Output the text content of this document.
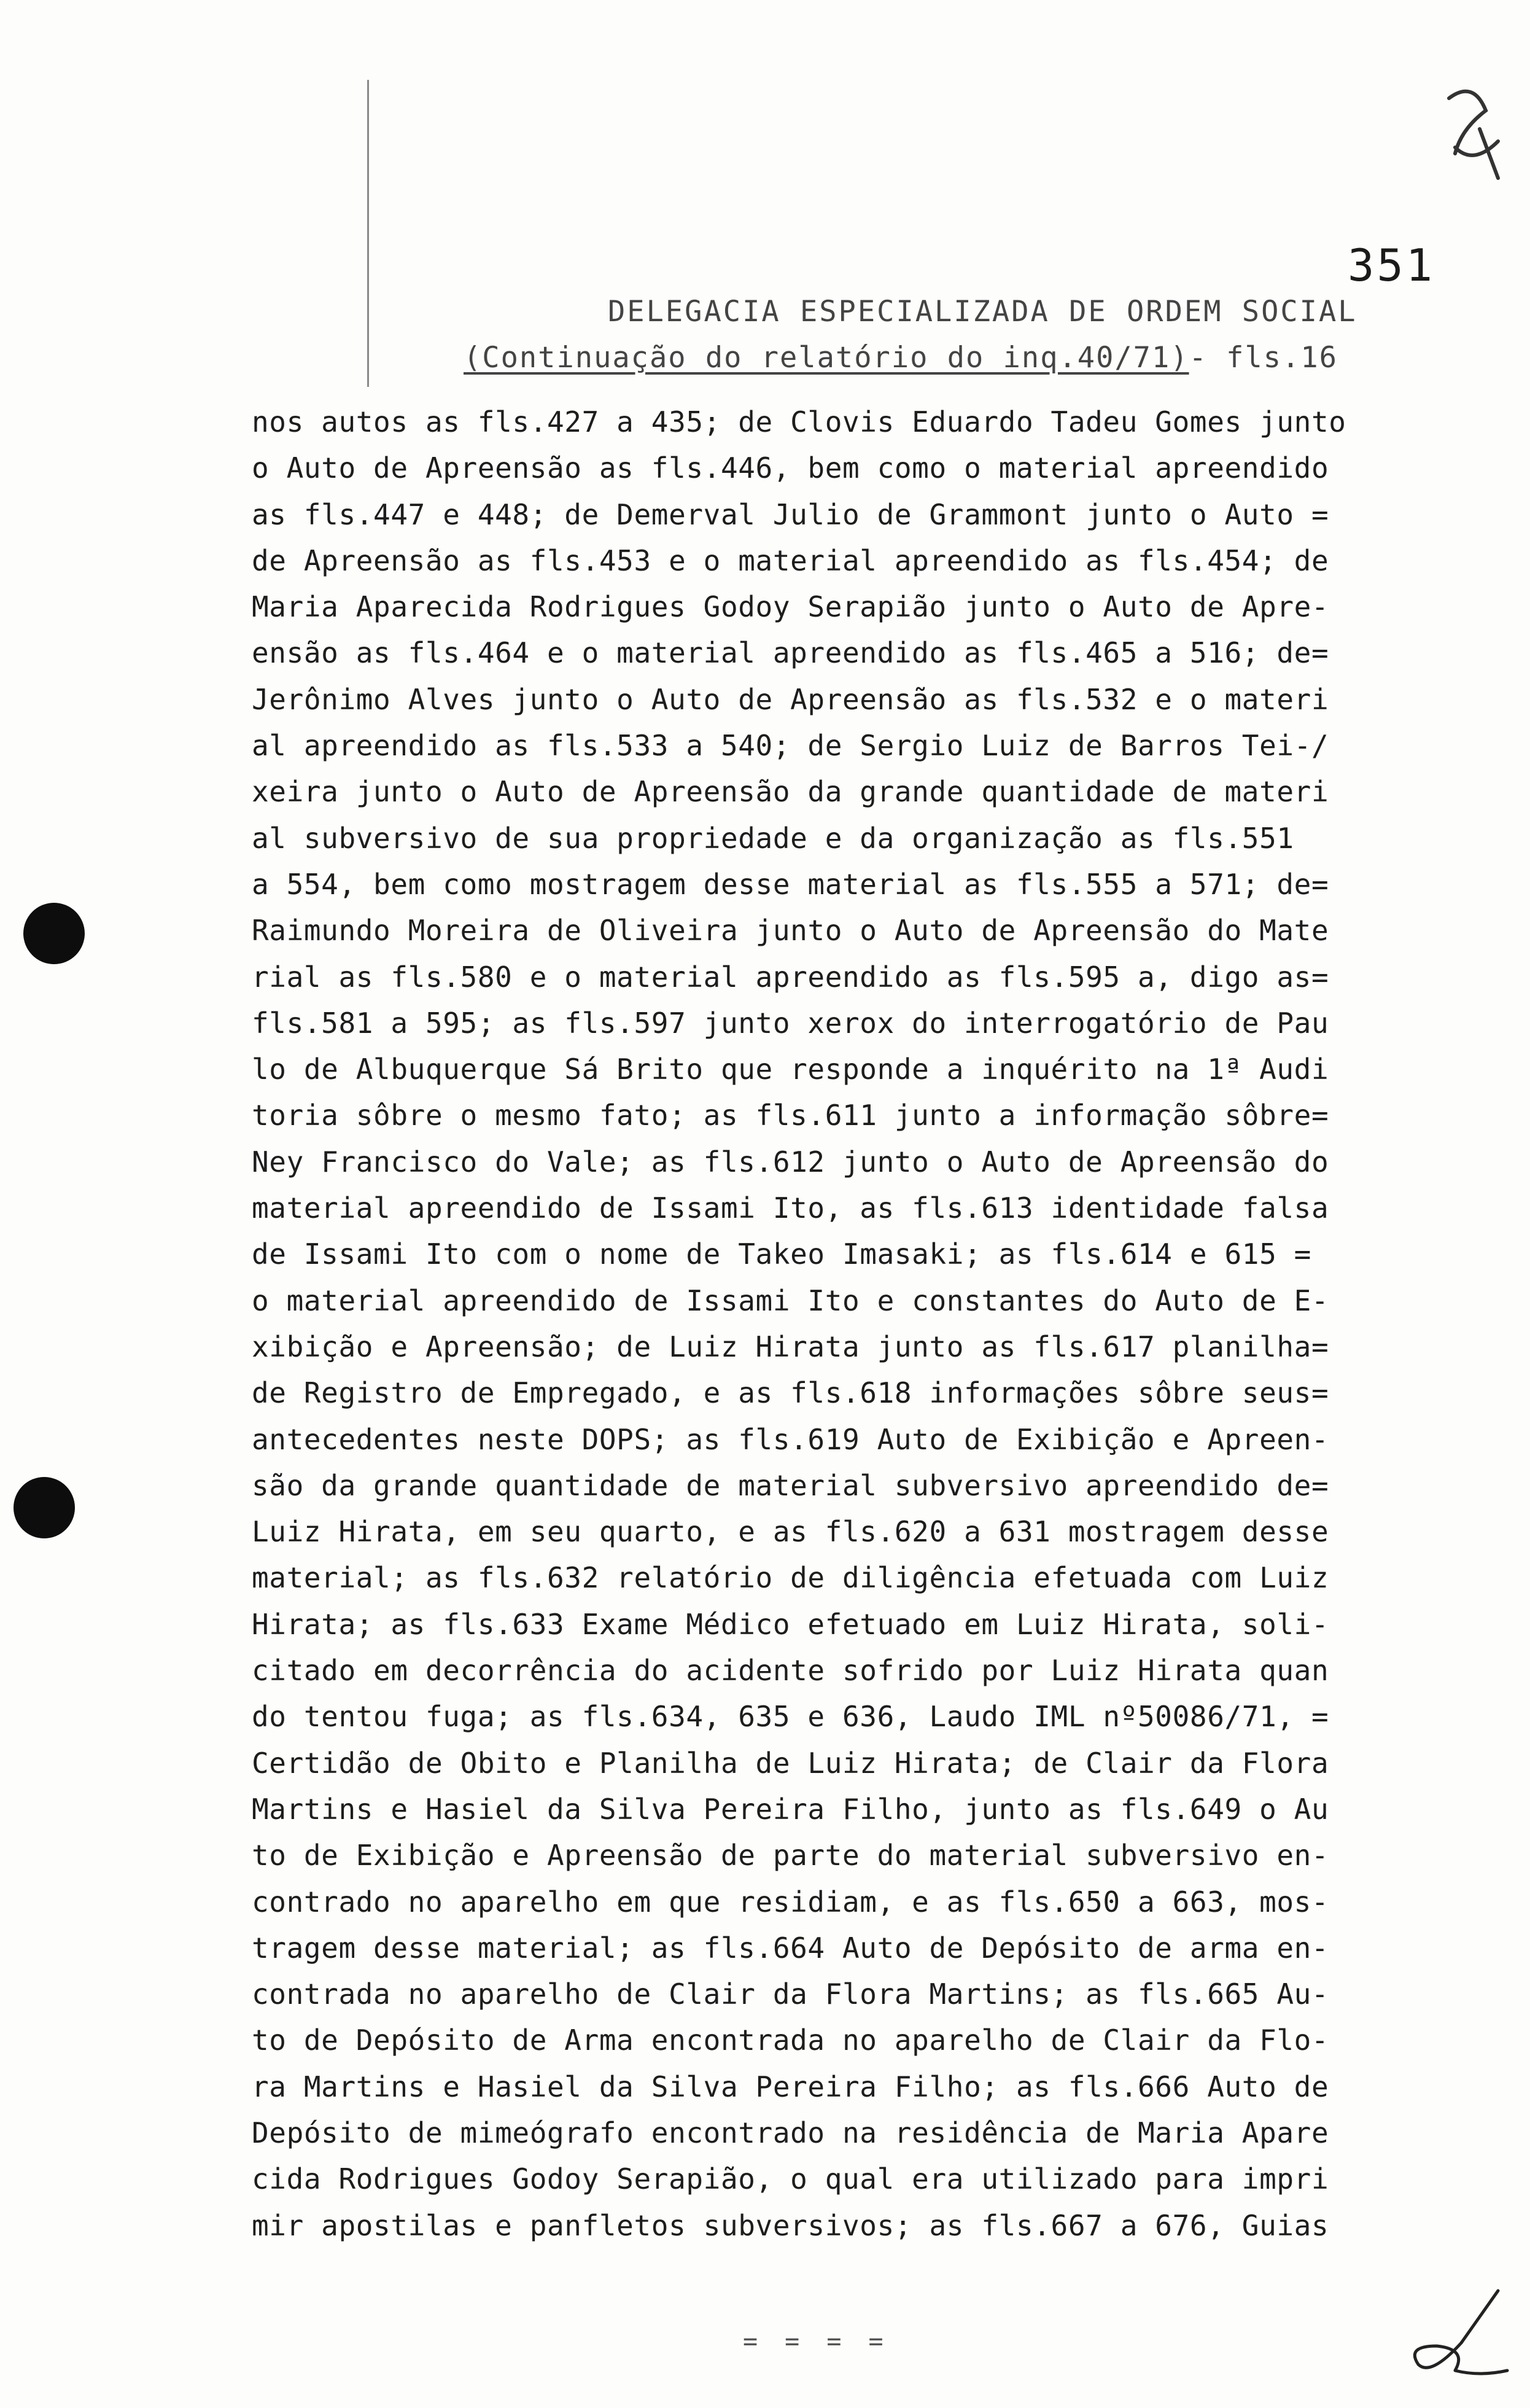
351
DELEGACIA ESPECIALIZADA DE ORDEM SOCIAL
(Continuação do relatório do inq.40/71)- fls.16
nos autos as fls.427 a 435; de Clovis Eduardo Tadeu Gomes junto
o Auto de Apreensão as fls.446, bem como o material apreendido
as fls.447 e 448; de Demerval Julio de Grammont junto o Auto =
de Apreensão as fls.453 e o material apreendido as fls.454; de
Maria Aparecida Rodrigues Godoy Serapião junto o Auto de Apre-
ensão as fls.464 e o material apreendido as fls.465 a 516; de=
Jerônimo Alves junto o Auto de Apreensão as fls.532 e o materi
al apreendido as fls.533 a 540; de Sergio Luiz de Barros Tei-/
xeira junto o Auto de Apreensão da grande quantidade de materi
al subversivo de sua propriedade e da organização as fls.551
a 554, bem como mostragem desse material as fls.555 a 571; de=
Raimundo Moreira de Oliveira junto o Auto de Apreensão do Mate
rial as fls.580 e o material apreendido as fls.595 a, digo as=
fls.581 a 595; as fls.597 junto xerox do interrogatório de Pau
lo de Albuquerque Sá Brito que responde a inquérito na 1ª Audi
toria sôbre o mesmo fato; as fls.611 junto a informação sôbre=
Ney Francisco do Vale; as fls.612 junto o Auto de Apreensão do
material apreendido de Issami Ito, as fls.613 identidade falsa
de Issami Ito com o nome de Takeo Imasaki; as fls.614 e 615 =
o material apreendido de Issami Ito e constantes do Auto de E-
xibição e Apreensão; de Luiz Hirata junto as fls.617 planilha=
de Registro de Empregado, e as fls.618 informações sôbre seus=
antecedentes neste DOPS; as fls.619 Auto de Exibição e Apreen-
são da grande quantidade de material subversivo apreendido de=
Luiz Hirata, em seu quarto, e as fls.620 a 631 mostragem desse
material; as fls.632 relatório de diligência efetuada com Luiz
Hirata; as fls.633 Exame Médico efetuado em Luiz Hirata, soli-
citado em decorrência do acidente sofrido por Luiz Hirata quan
do tentou fuga; as fls.634, 635 e 636, Laudo IML nº50086/71, =
Certidão de Obito e Planilha de Luiz Hirata; de Clair da Flora
Martins e Hasiel da Silva Pereira Filho, junto as fls.649 o Au
to de Exibição e Apreensão de parte do material subversivo en-
contrado no aparelho em que residiam, e as fls.650 a 663, mos-
tragem desse material; as fls.664 Auto de Depósito de arma en-
contrada no aparelho de Clair da Flora Martins; as fls.665 Au-
to de Depósito de Arma encontrada no aparelho de Clair da Flo-
ra Martins e Hasiel da Silva Pereira Filho; as fls.666 Auto de
Depósito de mimeógrafo encontrado na residência de Maria Apare
cida Rodrigues Godoy Serapião, o qual era utilizado para impri
mir apostilas e panfletos subversivos; as fls.667 a 676, Guias
= = = =
